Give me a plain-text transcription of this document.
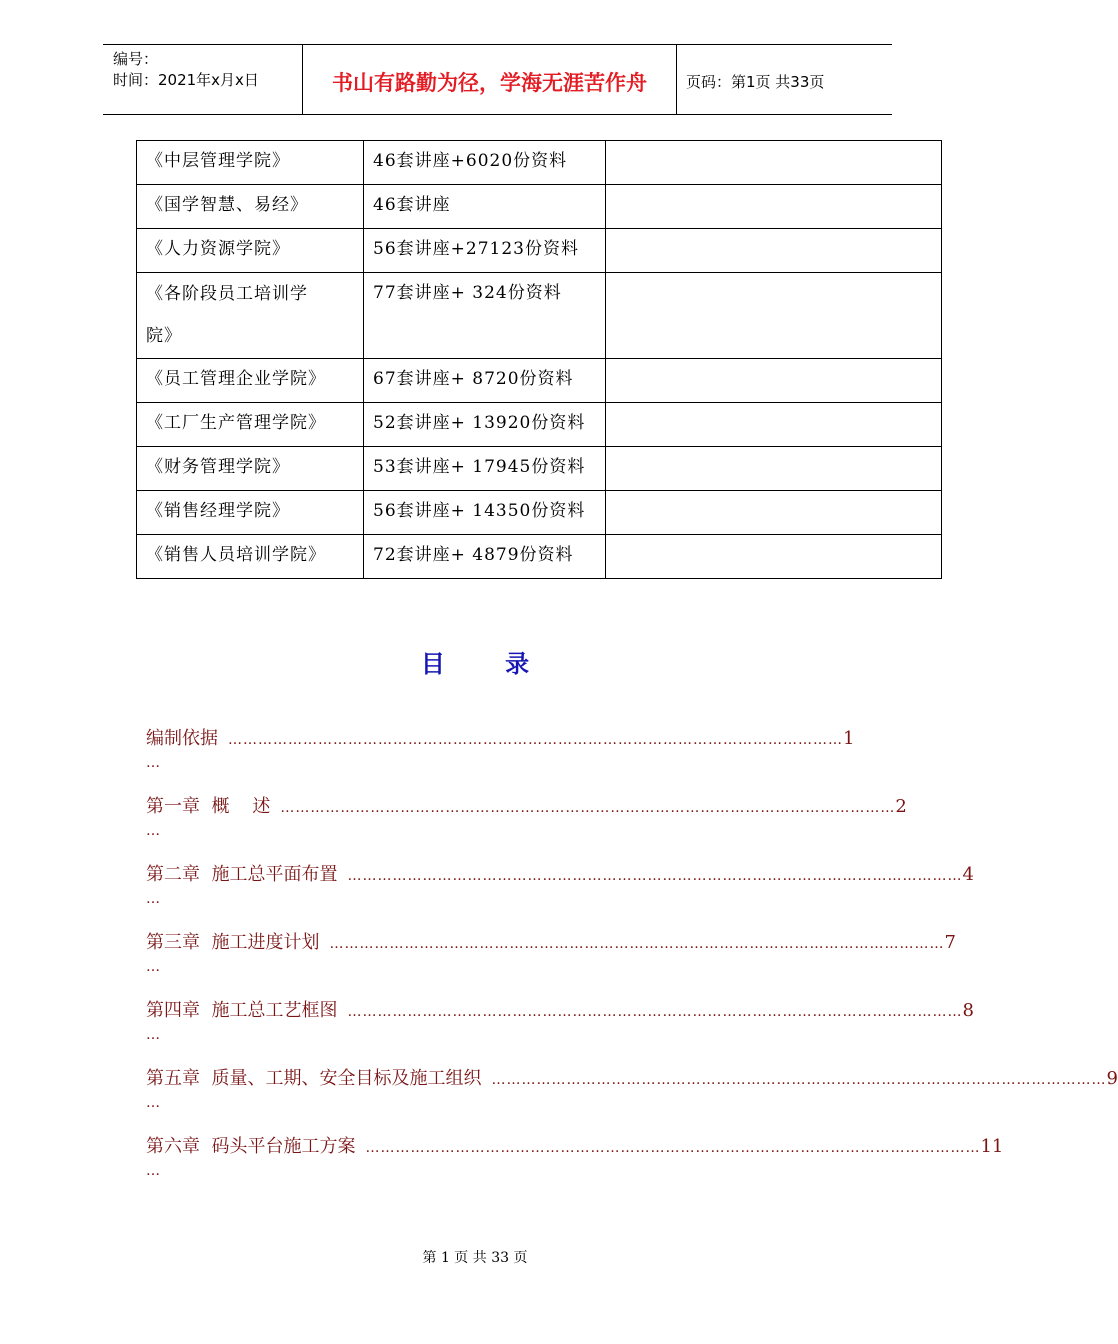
编号：
时间：2021年x月x日	书山有路勤为径，学海无涯苦作舟	页码：第1页 共33页
《中层管理学院》	46套讲座+6020份资料	
《国学智慧、易经》	46套讲座	
《人力资源学院》	56套讲座+27123份资料	

《各阶段员工培训学
院》	77套讲座+ 324份资料	
《员工管理企业学院》	67套讲座+ 8720份资料	
《工厂生产管理学院》	52套讲座+ 13920份资料	
《财务管理学院》	53套讲座+ 17945份资料	
《销售经理学院》	56套讲座+ 14350份资料	
《销售人员培训学院》	72套讲座+ 4879份资料	
目	录
编制依据 …………………………………………………………………………………………………………… 1
…
第一章  概    述 …………………………………………………………………………………………………………… 2
…
第二章  施工总平面布置 …………………………………………………………………………………………………………… 4
…
第三章  施工进度计划 …………………………………………………………………………………………………………… 7
…
第四章  施工总工艺框图 …………………………………………………………………………………………………………… 8
…
第五章  质量、工期、安全目标及施工组织 …………………………………………………………………………………………………………… 9
…
第六章  码头平台施工方案 …………………………………………………………………………………………………………… 11
…
第 1 页 共 33 页
